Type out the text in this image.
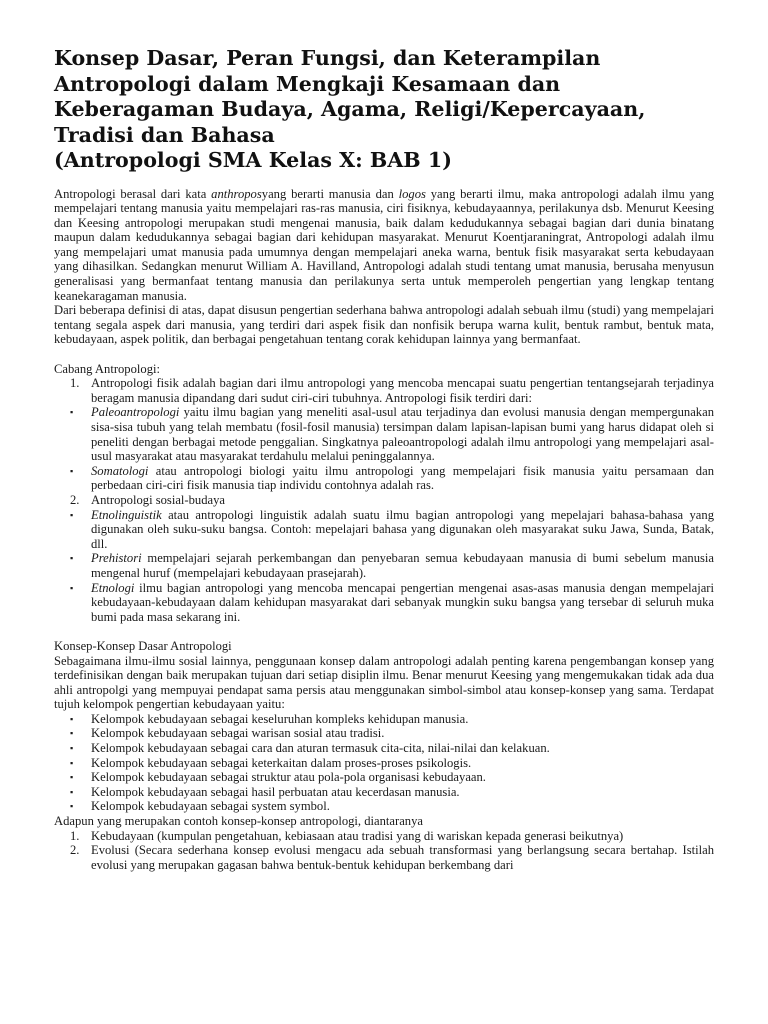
Konsep Dasar, Peran Fungsi, dan Keterampilan
Antropologi dalam Mengkaji Kesamaan dan
Keberagaman Budaya, Agama, Religi/Kepercayaan,
Tradisi dan Bahasa
(Antropologi SMA Kelas X: BAB 1)

Antropologi berasal dari kata anthroposyang berarti manusia dan logos yang berarti ilmu, maka antropologi adalah ilmu yang mempelajari tentang manusia yaitu mempelajari ras-ras manusia, ciri fisiknya, kebudayaannya, perilakunya dsb. Menurut Keesing dan Keesing antropologi merupakan studi mengenai manusia, baik dalam kedudukannya sebagai bagian dari dunia binatang maupun dalam kedudukannya sebagai bagian dari kehidupan masyarakat. Menurut Koentjaraningrat, Antropologi adalah ilmu yang mempelajari umat manusia pada umumnya dengan mempelajari aneka warna, bentuk fisik masyarakat serta kebudayaan yang dihasilkan. Sedangkan menurut William A. Havilland, Antropologi adalah studi tentang umat manusia, berusaha menyusun generalisasi yang bermanfaat tentang manusia dan perilakunya serta untuk memperoleh pengertian yang lengkap tentang keanekaragaman manusia.

Dari beberapa definisi di atas, dapat disusun pengertian sederhana bahwa antropologi adalah sebuah ilmu (studi) yang mempelajari tentang segala aspek dari manusia, yang terdiri dari aspek fisik dan nonfisik berupa warna kulit, bentuk rambut, bentuk mata, kebudayaan, aspek politik, dan berbagai pengetahuan tentang corak kehidupan lainnya yang bermanfaat.

Cabang Antropologi:

1. Antropologi fisik adalah bagian dari ilmu antropologi yang mencoba mencapai suatu pengertian tentangsejarah terjadinya beragam manusia dipandang dari sudut ciri-ciri tubuhnya. Antropologi fisik terdiri dari:
▪ Paleoantropologi yaitu ilmu bagian yang meneliti asal-usul atau terjadinya dan evolusi manusia dengan mempergunakan sisa-sisa tubuh yang telah membatu (fosil-fosil manusia) tersimpan dalam lapisan-lapisan bumi yang harus didapat oleh si peneliti dengan berbagai metode penggalian. Singkatnya paleoantropologi adalah ilmu antropologi yang mempelajari asal-usul masyarakat atau masyarakat terdahulu melalui peninggalannya.
▪ Somatologi atau antropologi biologi yaitu ilmu antropologi yang mempelajari fisik manusia yaitu persamaan dan perbedaan ciri-ciri fisik manusia tiap individu contohnya adalah ras.
2. Antropologi sosial-budaya
▪ Etnolinguistik atau antropologi linguistik adalah suatu ilmu bagian antropologi yang mepelajari bahasa-bahasa yang digunakan oleh suku-suku bangsa. Contoh: mepelajari bahasa yang digunakan oleh masyarakat suku Jawa, Sunda, Batak, dll.
▪ Prehistori mempelajari sejarah perkembangan dan penyebaran semua kebudayaan manusia di bumi sebelum manusia mengenal huruf (mempelajari kebudayaan prasejarah).
▪ Etnologi ilmu bagian antropologi yang mencoba mencapai pengertian mengenai asas-asas manusia dengan mempelajari kebudayaan-kebudayaan dalam kehidupan masyarakat dari sebanyak mungkin suku bangsa yang tersebar di seluruh muka bumi pada masa sekarang ini.

Konsep-Konsep Dasar Antropologi

Sebagaimana ilmu-ilmu sosial lainnya, penggunaan konsep dalam antropologi adalah penting karena pengembangan konsep yang terdefinisikan dengan baik merupakan tujuan dari setiap disiplin ilmu. Benar menurut Keesing yang mengemukakan tidak ada dua ahli antropolgi yang mempuyai pendapat sama persis atau menggunakan simbol-simbol atau konsep-konsep yang sama. Terdapat tujuh kelompok pengertian kebudayaan yaitu:

▪ Kelompok kebudayaan sebagai keseluruhan kompleks kehidupan manusia.
▪ Kelompok kebudayaan sebagai warisan sosial atau tradisi.
▪ Kelompok kebudayaan sebagai cara dan aturan termasuk cita-cita, nilai-nilai dan kelakuan.
▪ Kelompok kebudayaan sebagai keterkaitan dalam proses-proses psikologis.
▪ Kelompok kebudayaan sebagai struktur atau pola-pola organisasi kebudayaan.
▪ Kelompok kebudayaan sebagai hasil perbuatan atau kecerdasan manusia.
▪ Kelompok kebudayaan sebagai system symbol.

Adapun yang merupakan contoh konsep-konsep antropologi, diantaranya

1. Kebudayaan (kumpulan pengetahuan, kebiasaan atau tradisi yang di wariskan kepada generasi beikutnya)
2. Evolusi (Secara sederhana konsep evolusi mengacu ada sebuah transformasi yang berlangsung secara bertahap. Istilah evolusi yang merupakan gagasan bahwa bentuk-bentuk kehidupan berkembang dari
